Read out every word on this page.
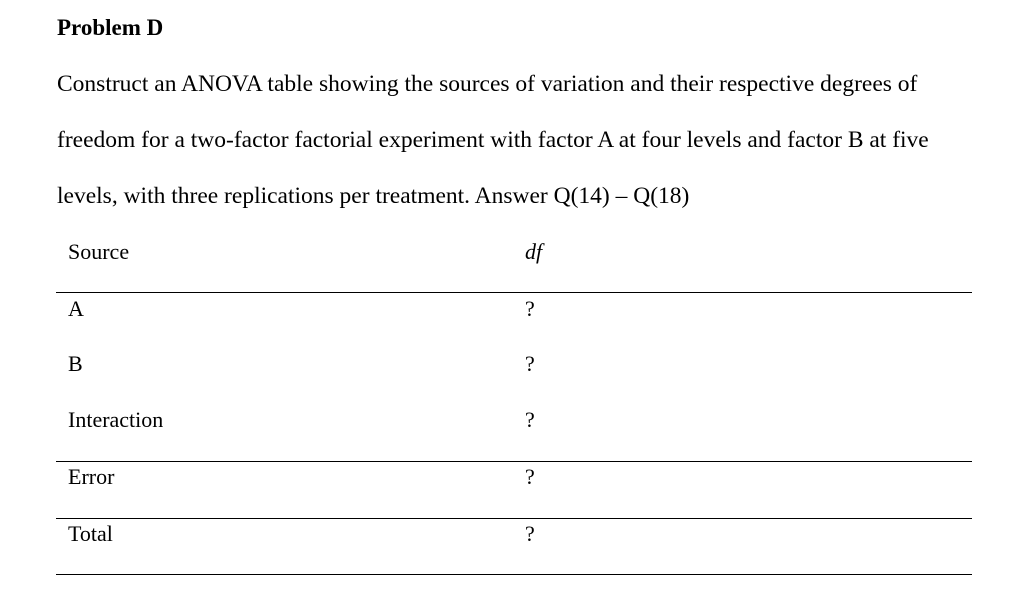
Problem D

Construct an ANOVA table showing the sources of variation and their respective degrees of
freedom for a two-factor factorial experiment with factor A at four levels and factor B at five
levels, with three replications per treatment. Answer Q(14) – Q(18)

Source	df
A	?
B	?
Interaction	?
Error	?
Total	?
